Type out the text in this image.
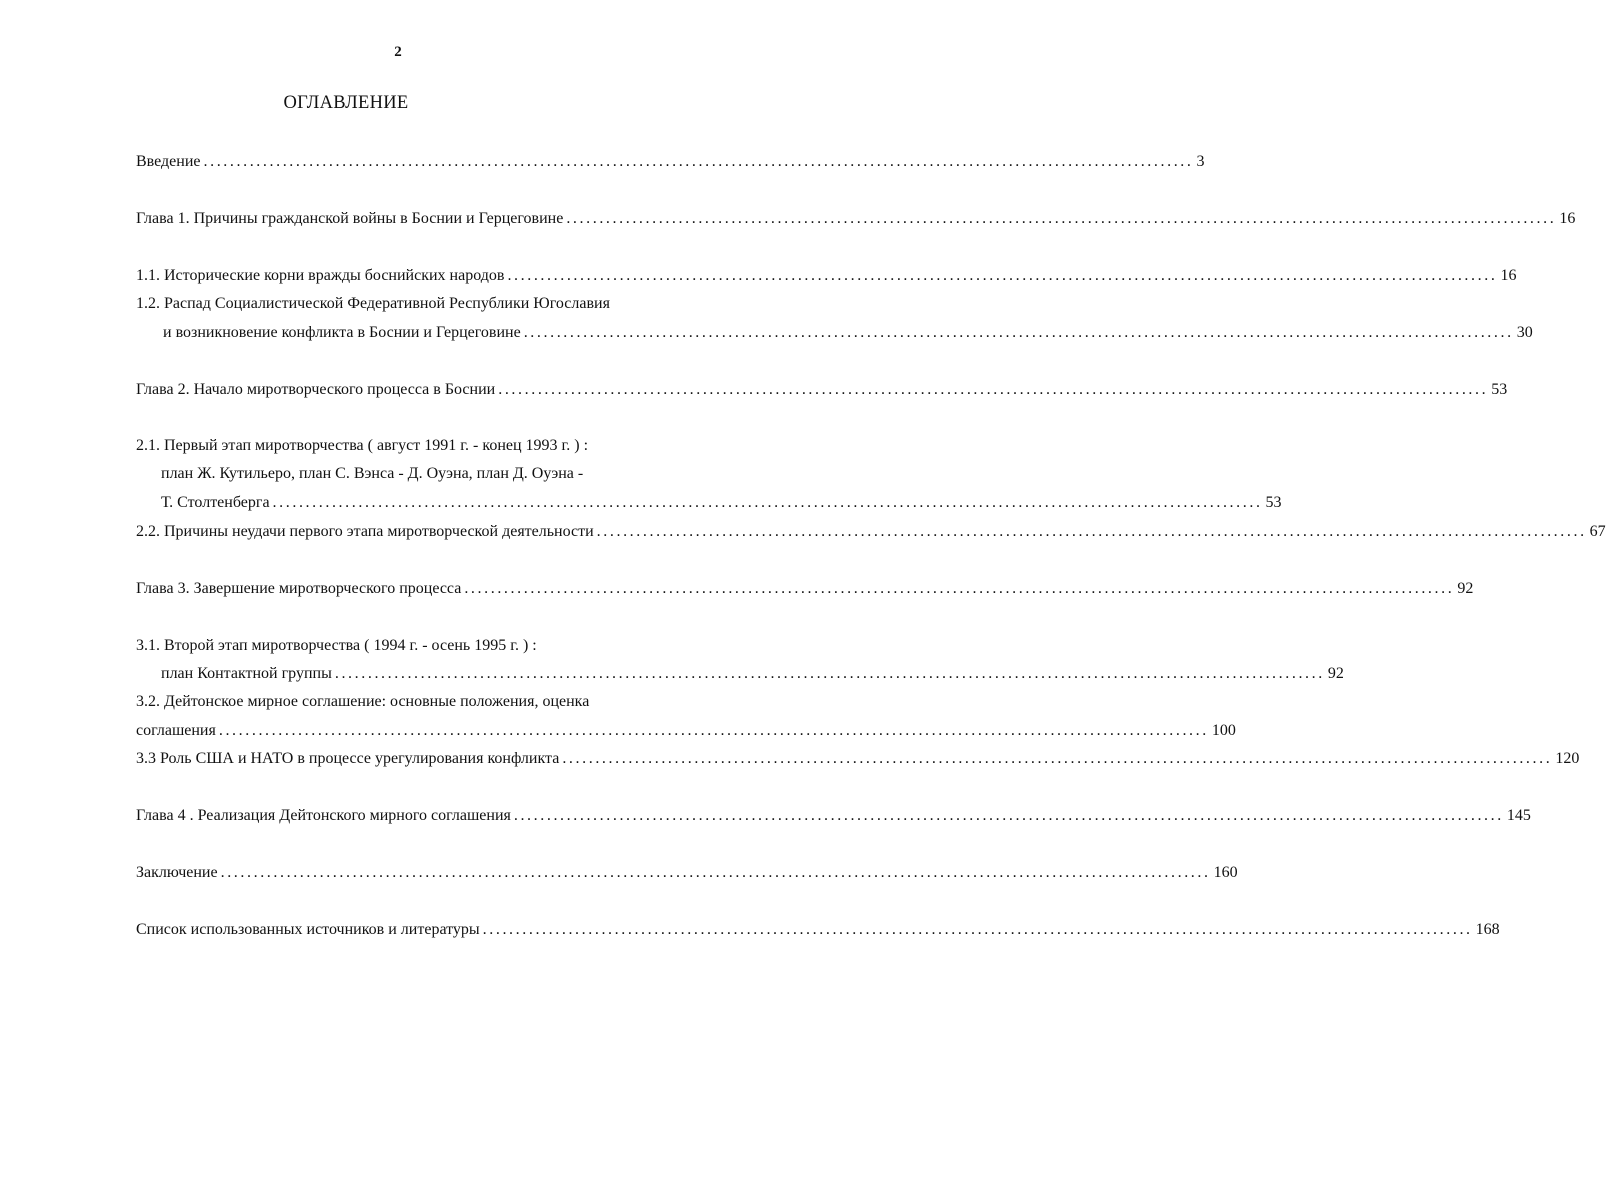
2
ОГЛАВЛЕНИЕ
Введение ...................................................................................................................................................... 3
Глава 1. Причины гражданской войны в Боснии и Герцеговине ...................................................................................................................................................... 16
1.1. Исторические корни вражды боснийских народов ...................................................................................................................................................... 16
1.2. Распад Социалистической Федеративной Республики Югославия
и возникновение конфликта в Боснии и Герцеговине ...................................................................................................................................................... 30
Глава 2. Начало миротворческого процесса в Боснии ...................................................................................................................................................... 53
2.1. Первый этап миротворчества ( август 1991 г. - конец 1993 г. ) :
план Ж. Кутильеро, план С. Вэнса - Д. Оуэна, план Д. Оуэна -
Т. Столтенберга ...................................................................................................................................................... 53
2.2. Причины неудачи первого этапа миротворческой деятельности ...................................................................................................................................................... 67
Глава 3. Завершение миротворческого процесса ...................................................................................................................................................... 92
3.1. Второй этап миротворчества ( 1994 г. - осень 1995 г. ) :
план Контактной группы ...................................................................................................................................................... 92
3.2. Дейтонское мирное соглашение: основные положения, оценка
соглашения ...................................................................................................................................................... 100
3.3 Роль США и НАТО в процессе урегулирования конфликта ...................................................................................................................................................... 120
Глава 4 . Реализация Дейтонского мирного соглашения ...................................................................................................................................................... 145
Заключение ...................................................................................................................................................... 160
Список использованных источников и литературы ...................................................................................................................................................... 168
